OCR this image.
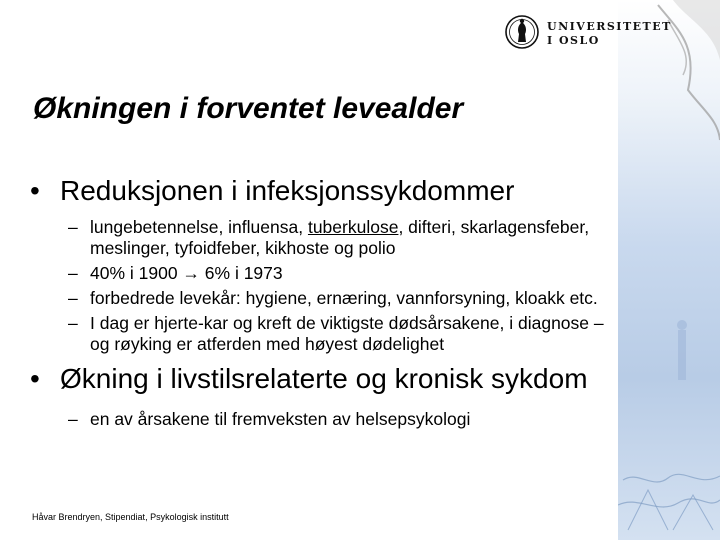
UNIVERSITETET
I OSLO
Økningen i forventet levealder
• Reduksjonen i infeksjonssykdommer
– lungebetennelse, influensa, tuberkulose, difteri, skarlagensfeber, meslinger, tyfoidfeber, kikhoste og polio
– 40% i 1900 → 6% i 1973
– forbedrede levekår: hygiene, ernæring, vannforsyning, kloakk etc.
– I dag er hjerte-kar og kreft de viktigste dødsårsakene, i diagnose – og røyking er atferden med høyest dødelighet
• Økning i livstilsrelaterte og kronisk sykdom
– en av årsakene til fremveksten av helsepsykologi
Håvar Brendryen, Stipendiat, Psykologisk institutt
